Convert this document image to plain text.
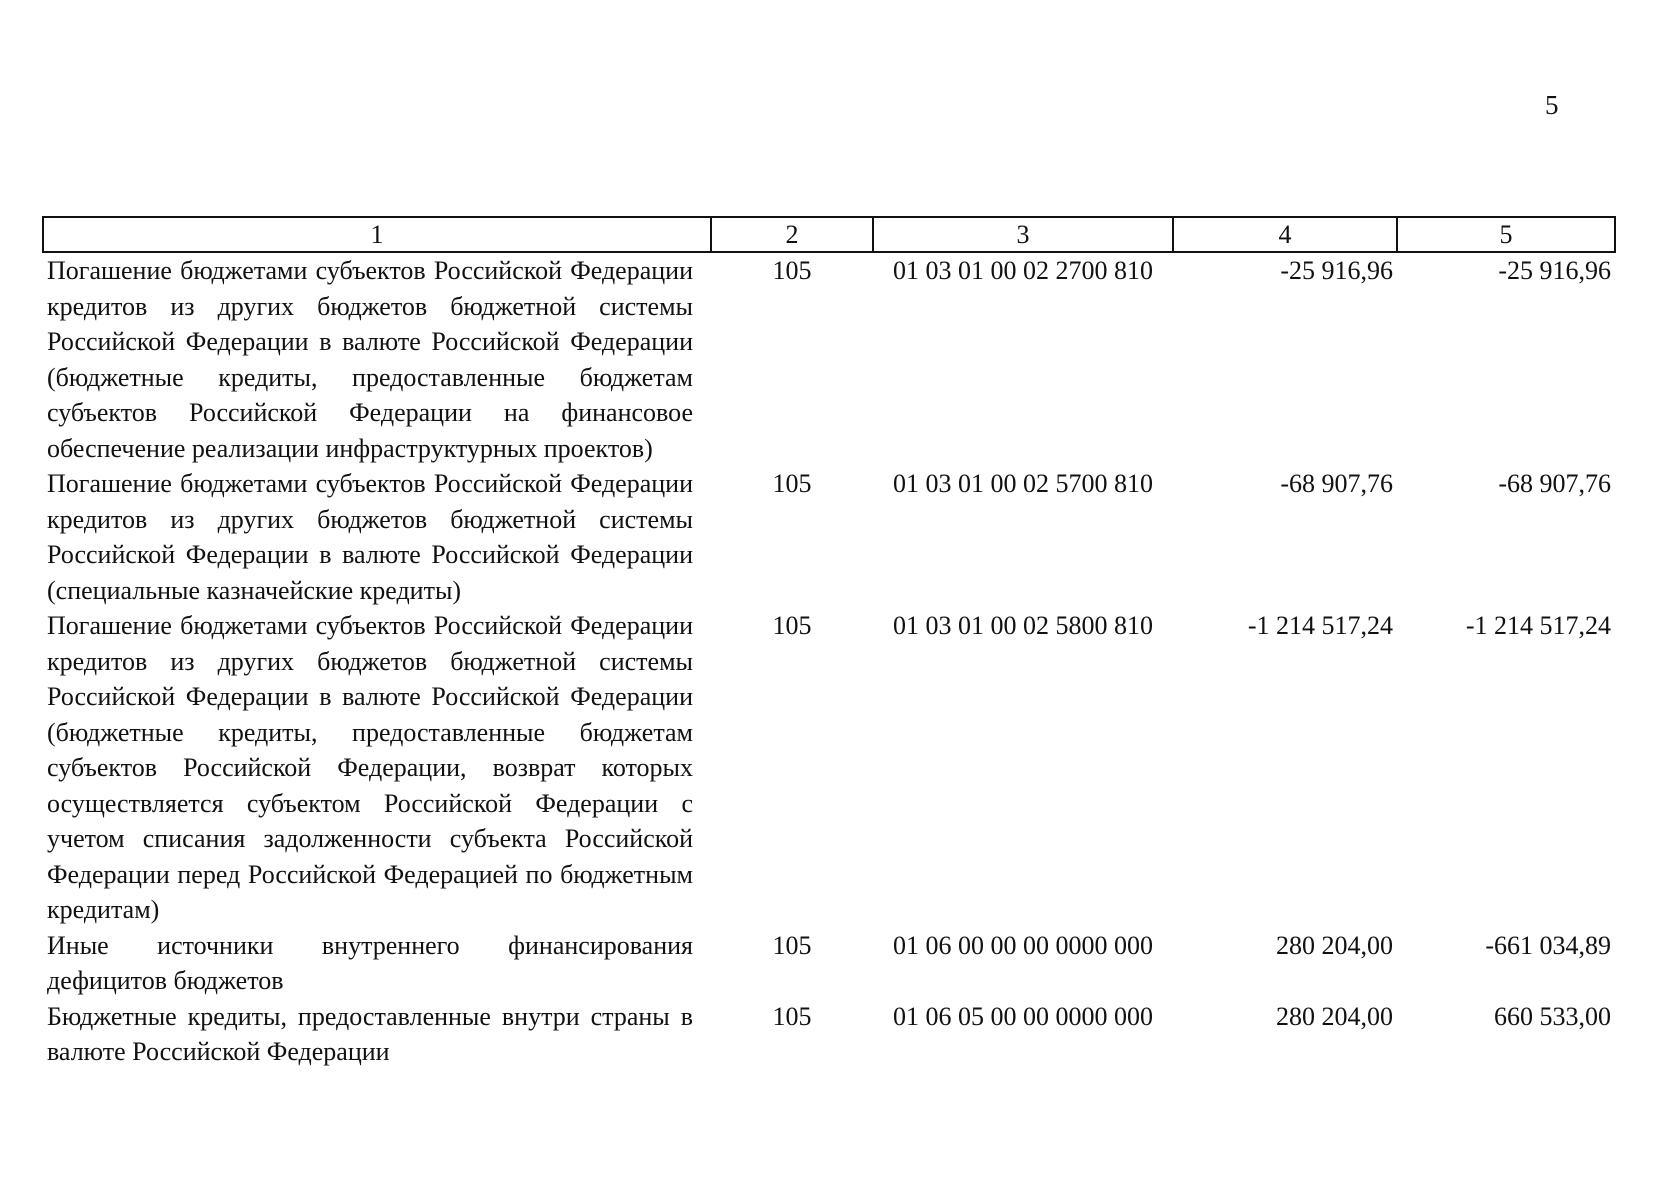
5
1	2	3	4	5
Погашение бюджетами субъектов Российской Федерации кредитов из других бюджетов бюджетной системы Российской Федерации в валюте Российской Федерации (бюджетные кредиты, предоставленные бюджетам субъектов Российской Федерации на финансовое обеспечение реализации инфраструктурных проектов)	105	01 03 01 00 02 2700 810	-25 916,96	-25 916,96
Погашение бюджетами субъектов Российской Федерации кредитов из других бюджетов бюджетной системы Российской Федерации в валюте Российской Федерации (специальные казначейские кредиты)	105	01 03 01 00 02 5700 810	-68 907,76	-68 907,76
Погашение бюджетами субъектов Российской Федерации кредитов из других бюджетов бюджетной системы Российской Федерации в валюте Российской Федерации (бюджетные кредиты, предоставленные бюджетам субъектов Российской Федерации, возврат которых осуществляется субъектом Российской Федерации с учетом списания задолженности субъекта Российской Федерации перед Российской Федерацией по бюджетным кредитам)	105	01 03 01 00 02 5800 810	-1 214 517,24	-1 214 517,24
Иные источники внутреннего финансирования дефицитов бюджетов	105	01 06 00 00 00 0000 000	280 204,00	-661 034,89
Бюджетные кредиты, предоставленные внутри страны в валюте Российской Федерации	105	01 06 05 00 00 0000 000	280 204,00	660 533,00
